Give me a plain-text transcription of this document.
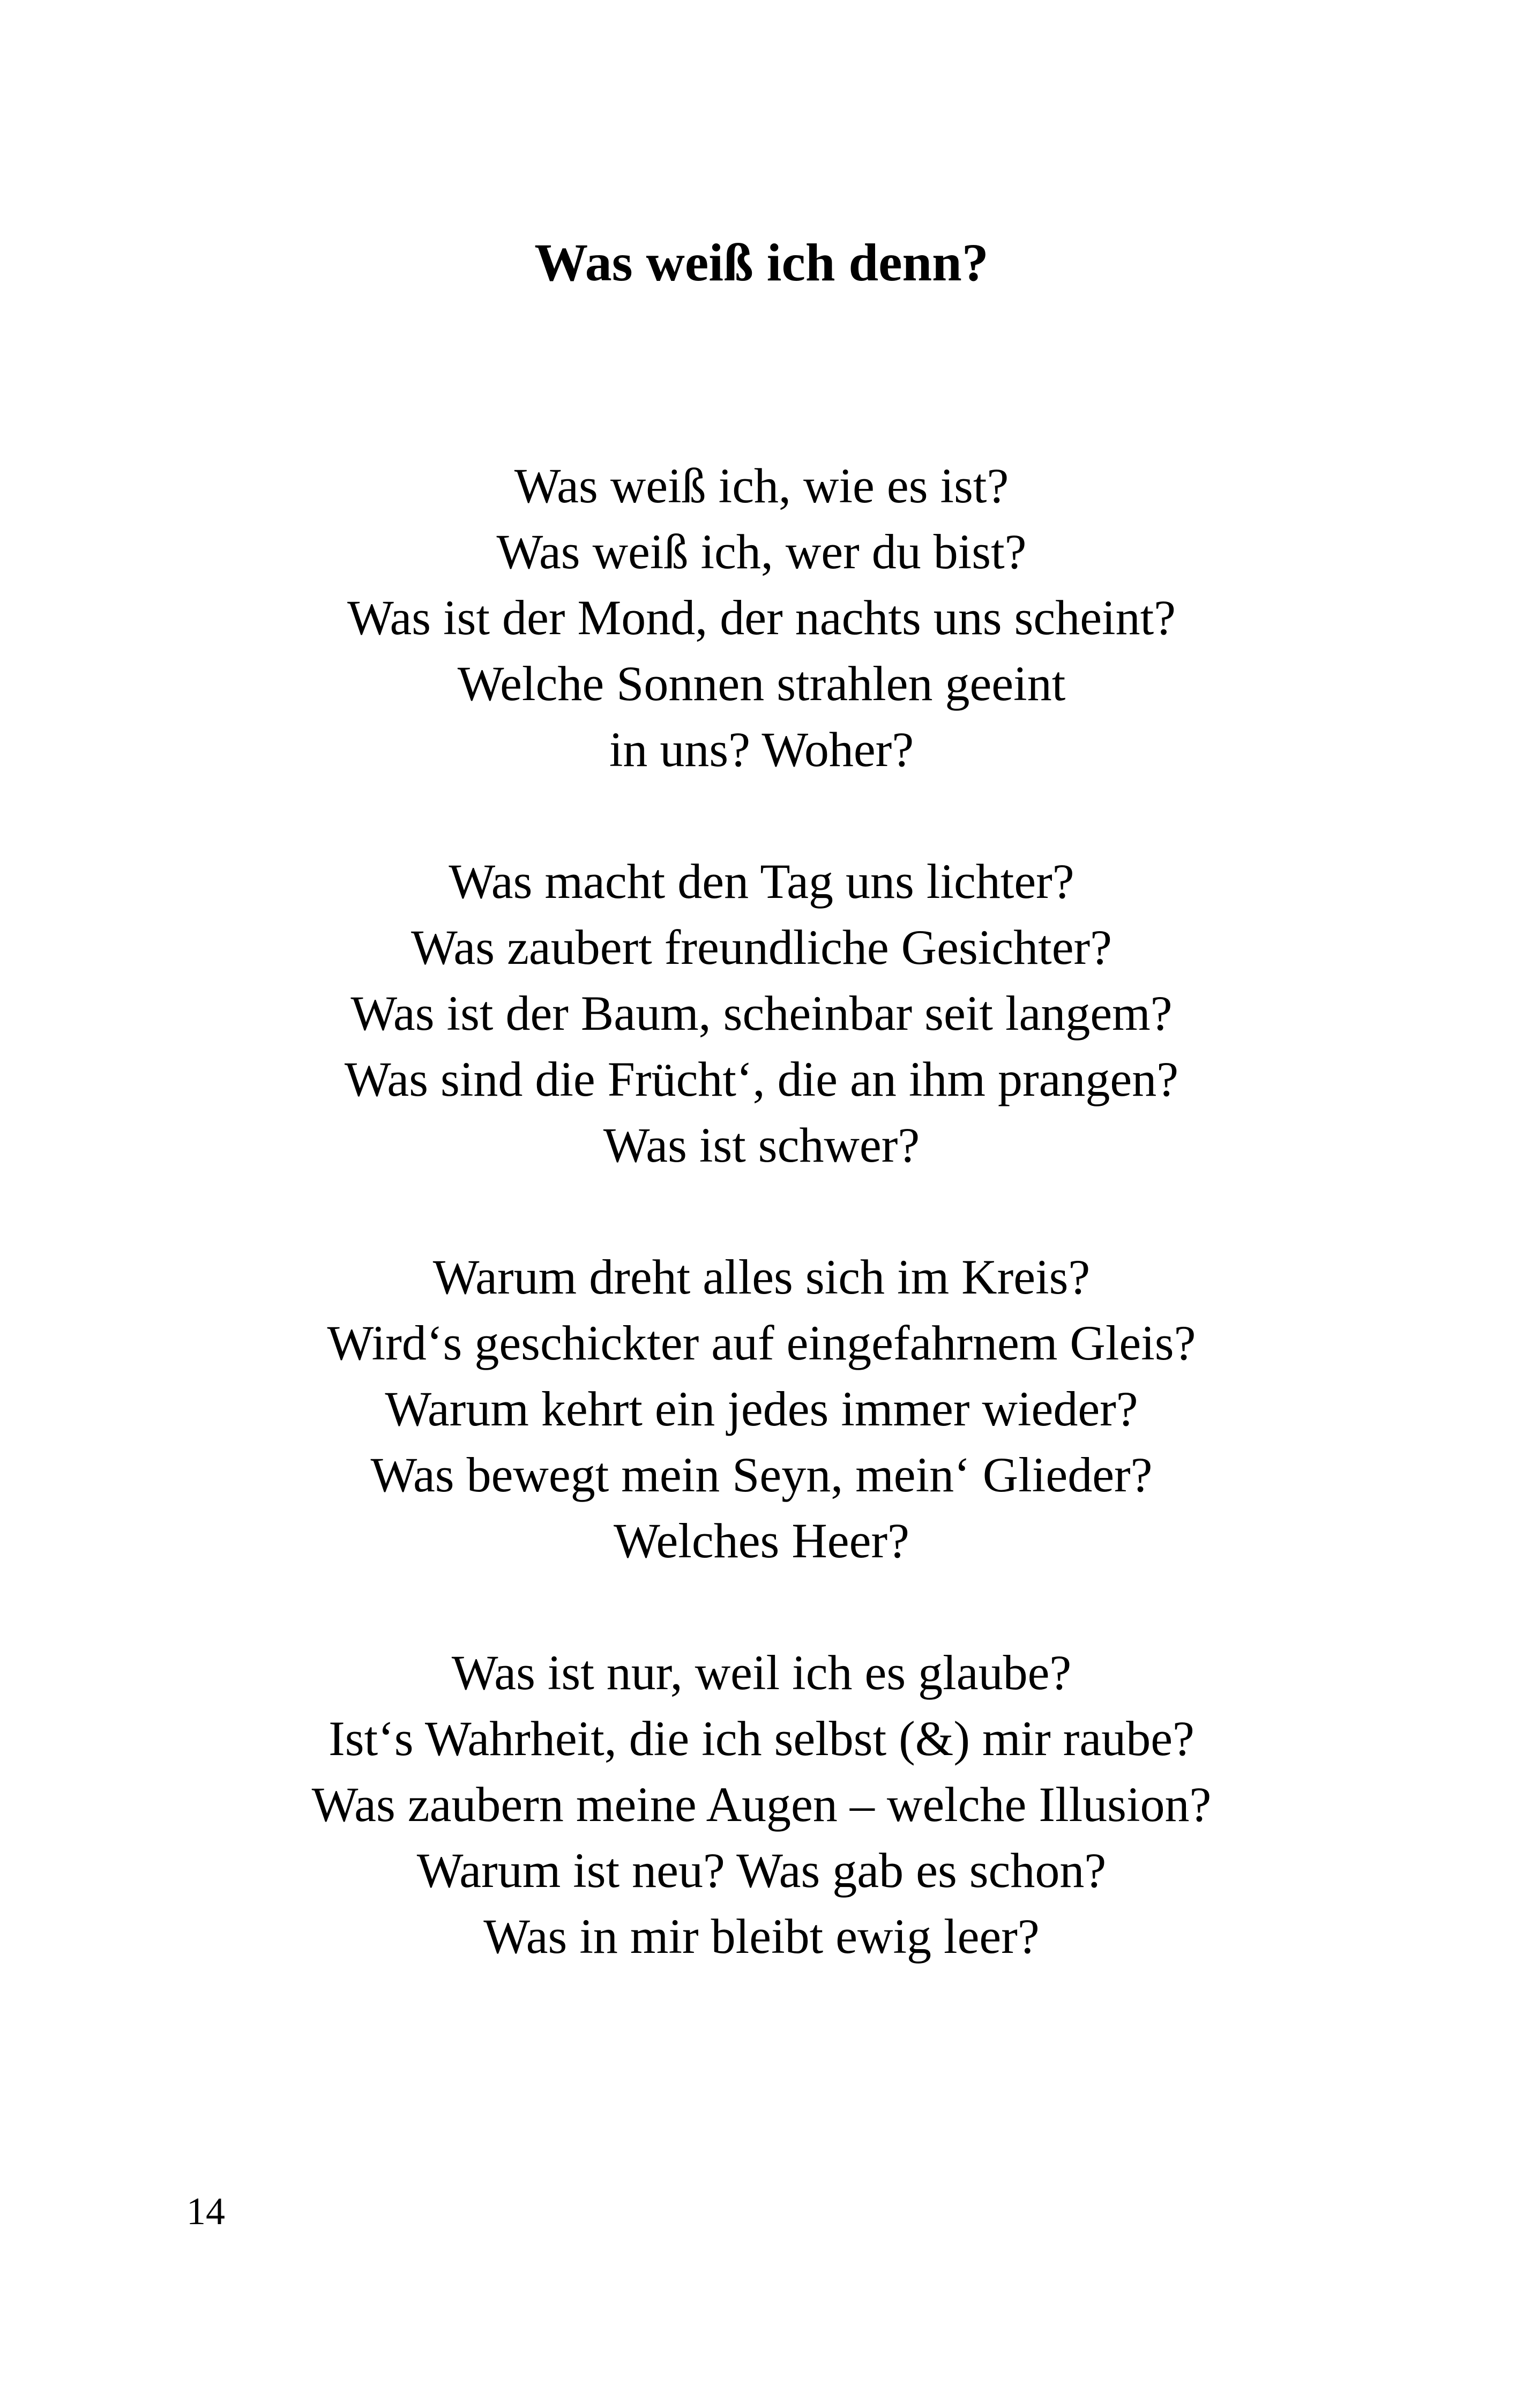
Was weiß ich denn?
Was weiß ich, wie es ist?
Was weiß ich, wer du bist?
Was ist der Mond, der nachts uns scheint?
Welche Sonnen strahlen geeint
in uns? Woher?
Was macht den Tag uns lichter?
Was zaubert freundliche Gesichter?
Was ist der Baum, scheinbar seit langem?
Was sind die Frücht‘, die an ihm prangen?
Was ist schwer?
Warum dreht alles sich im Kreis?
Wird‘s geschickter auf eingefahrnem Gleis?
Warum kehrt ein jedes immer wieder?
Was bewegt mein Seyn, mein‘ Glieder?
Welches Heer?
Was ist nur, weil ich es glaube?
Ist‘s Wahrheit, die ich selbst (&) mir raube?
Was zaubern meine Augen – welche Illusion?
Warum ist neu? Was gab es schon?
Was in mir bleibt ewig leer?
14
